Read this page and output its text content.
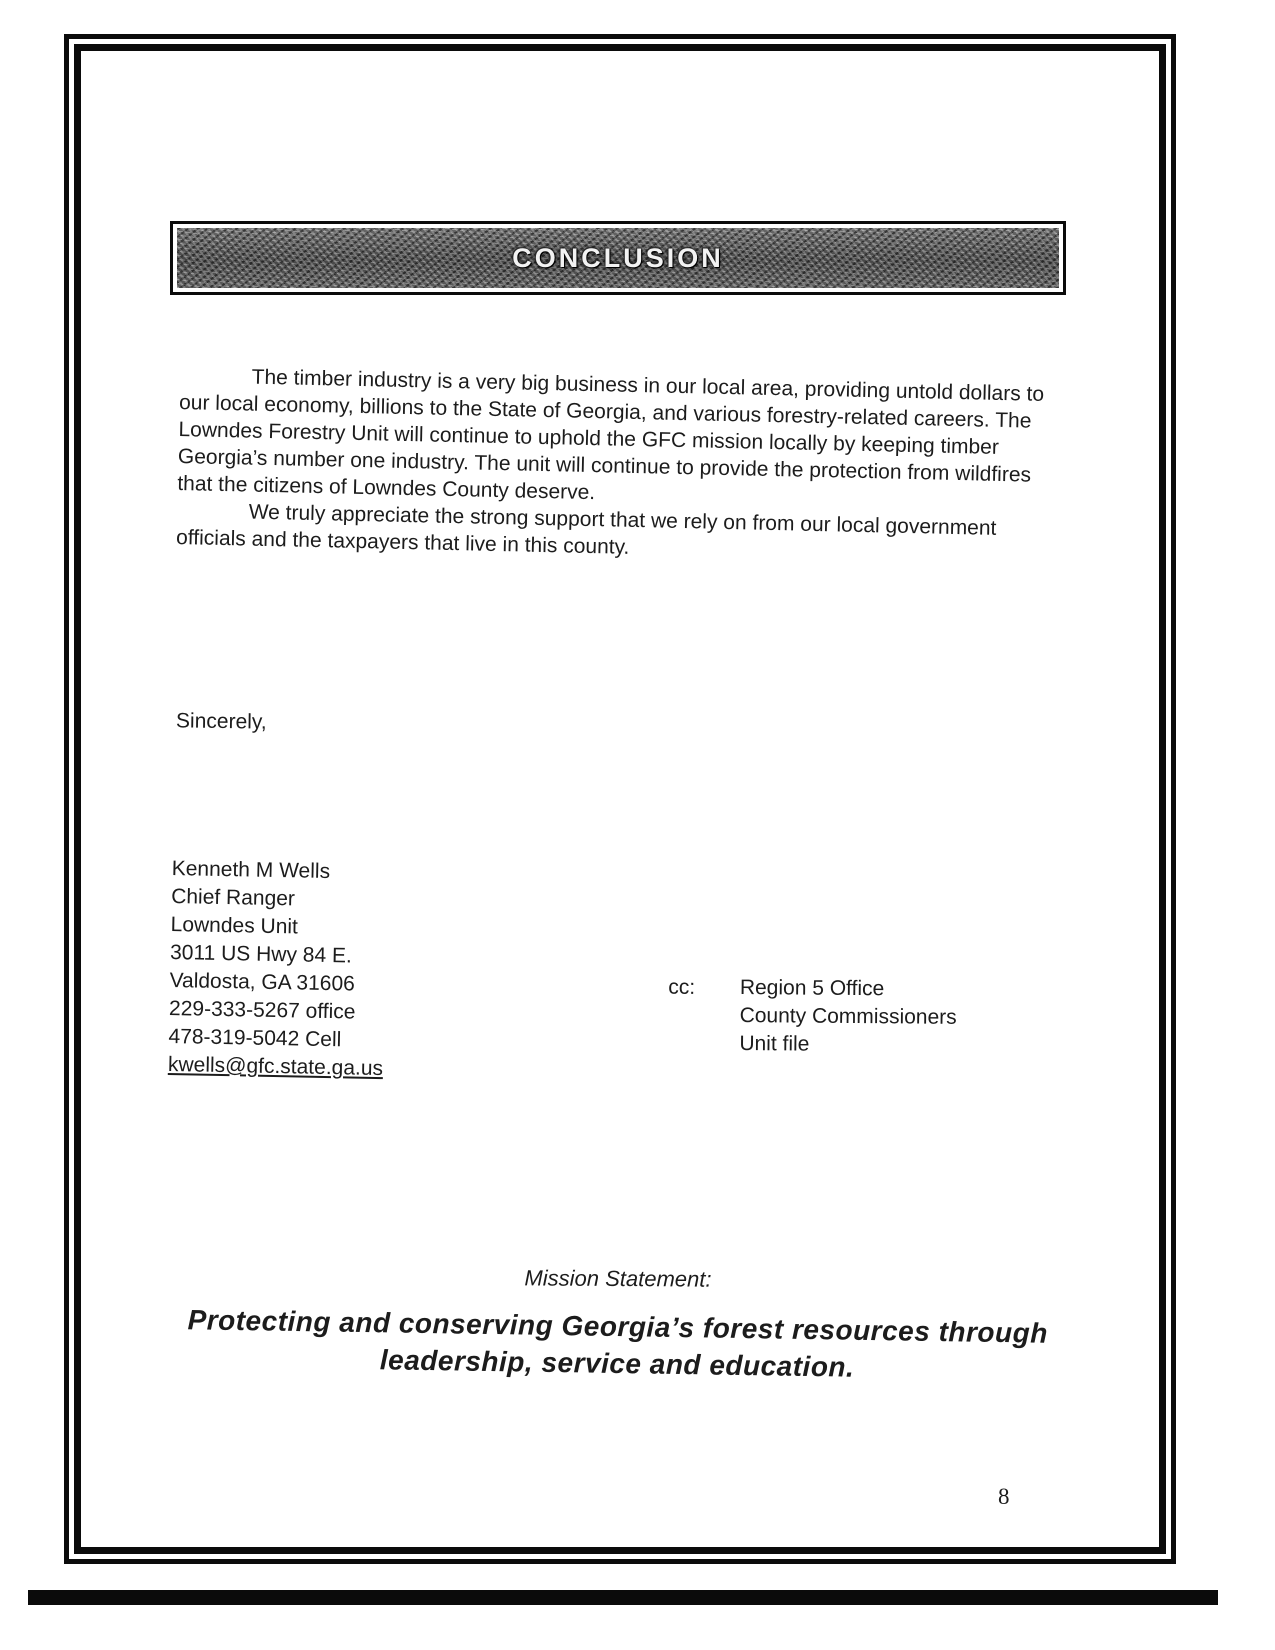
CONCLUSION

The timber industry is a very big business in our local area, providing untold dollars to our local economy, billions to the State of Georgia, and various forestry-related careers. The Lowndes Forestry Unit will continue to uphold the GFC mission locally by keeping timber Georgia’s number one industry. The unit will continue to provide the protection from wildfires that the citizens of Lowndes County deserve.

We truly appreciate the strong support that we rely on from our local government officials and the taxpayers that live in this county.

Sincerely,
Kenneth M Wells
Chief Ranger
Lowndes Unit
3011 US Hwy 84 E.
Valdosta, GA 31606
229-333-5267 office
478-319-5042 Cell
kwells@gfc.state.ga.us
cc:	Region 5 Office
County Commissioners
Unit file
Mission Statement:
Protecting and conserving Georgia’s forest resources through leadership, service and education.
8
